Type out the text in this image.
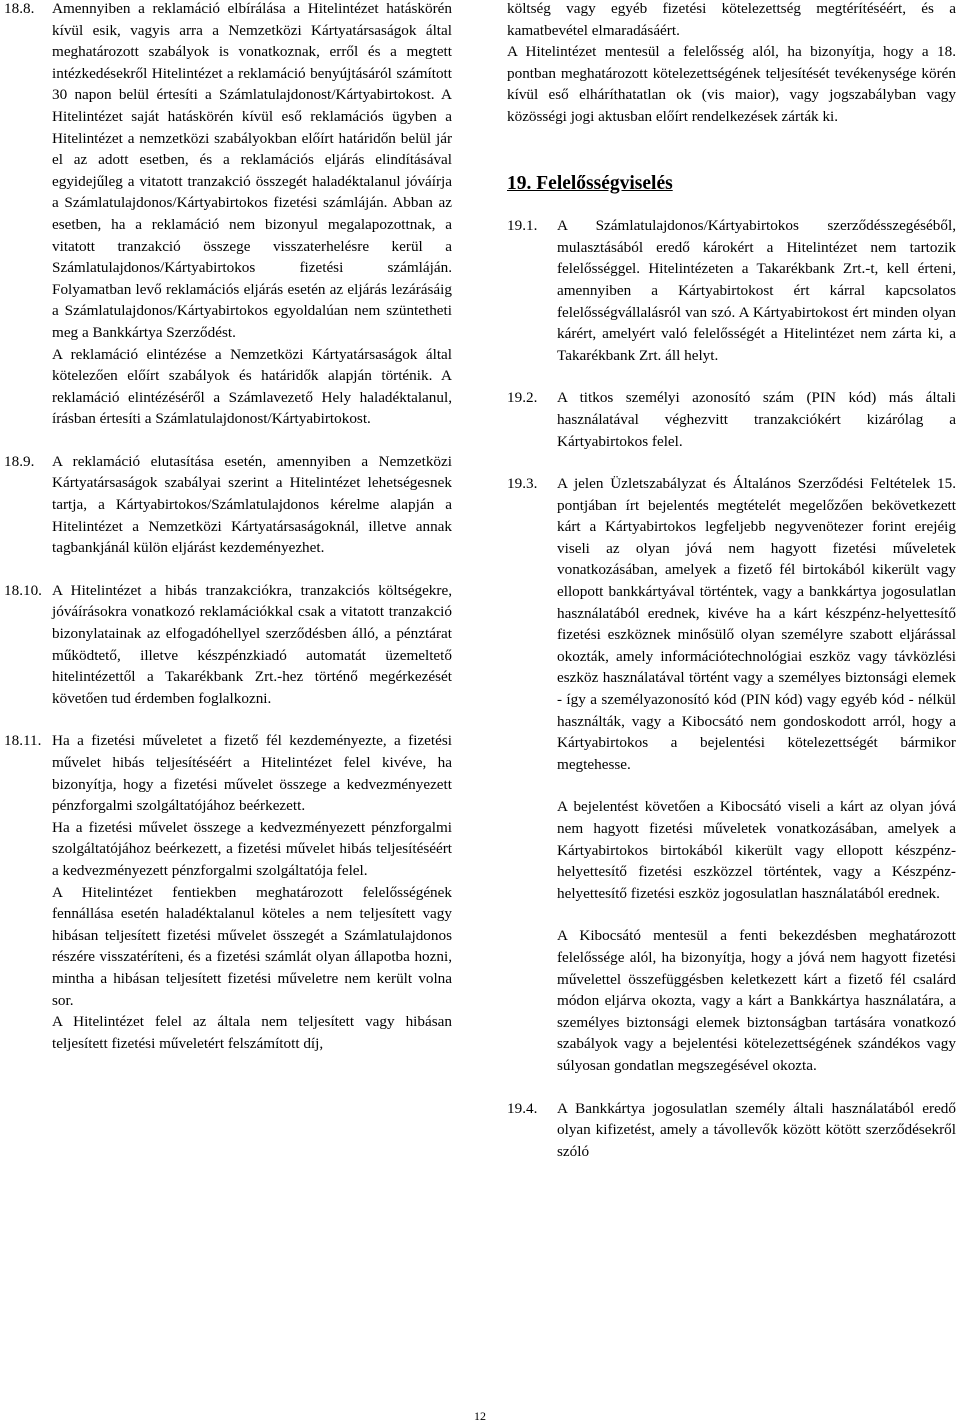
18.8.	Amennyiben a reklamáció elbírálása a Hitelintézet hatáskörén kívül esik, vagyis arra a Nemzetközi Kártyatársaságok által meghatározott szabályok is vonatkoznak, erről és a megtett intézkedésekről Hitelintézet a reklamáció benyújtásáról számított 30 napon belül értesíti a Számlatulajdonost/Kártyabirtokost. A Hitelintézet saját hatáskörén kívül eső reklamációs ügyben a Hitelintézet a nemzetközi szabályokban előírt határidőn belül jár el az adott esetben, és a reklamációs eljárás elindításával egyidejűleg a vitatott tranzakció összegét haladéktalanul jóváírja a Számlatulajdonos/Kártyabirtokos fizetési számláján. Abban az esetben, ha a reklamáció nem bizonyul megalapozottnak, a vitatott tranzakció összege visszaterhelésre kerül a Számlatulajdonos/Kártyabirtokos fizetési számláján. Folyamatban levő reklamációs eljárás esetén az eljárás lezárásáig a Számlatulajdonos/Kártyabirtokos egyoldalúan nem szüntetheti meg a Bankkártya Szerződést.

A reklamáció elintézése a Nemzetközi Kártyatársaságok által kötelezően előírt szabályok és határidők alapján történik. A reklamáció elintézéséről a Számlavezető Hely haladéktalanul, írásban értesíti a Számlatulajdonost/Kártyabirtokost.

18.9.	A reklamáció elutasítása esetén, amennyiben a Nemzetközi Kártyatársaságok szabályai szerint a Hitelintézet lehetségesnek tartja, a Kártyabirtokos/Számlatulajdonos kérelme alapján a Hitelintézet a Nemzetközi Kártyatársaságoknál, illetve annak tagbankjánál külön eljárást kezdeményezhet.

18.10. A Hitelintézet a hibás tranzakciókra, tranzakciós költségekre, jóváírásokra vonatkozó reklamációkkal csak a vitatott tranzakció bizonylatainak az elfogadóhellyel szerződésben álló, a pénztárat működtető, illetve készpénzkiadó automatát üzemeltető hitelintézettől a Takarékbank Zrt.-hez történő megérkezését követően tud érdemben foglalkozni.

18.11. Ha a fizetési műveletet a fizető fél kezdeményezte, a fizetési művelet hibás teljesítéséért a Hitelintézet felel kivéve, ha bizonyítja, hogy a fizetési művelet összege a kedvezményezett pénzforgalmi szolgáltatójához beérkezett.

Ha a fizetési művelet összege a kedvezményezett pénzforgalmi szolgáltatójához beérkezett, a fizetési művelet hibás teljesítéséért a kedvezményezett pénzforgalmi szolgáltatója felel.

A Hitelintézet fentiekben meghatározott felelősségének fennállása esetén haladéktalanul köteles a nem teljesített vagy hibásan teljesített fizetési művelet összegét a Számlatulajdonos részére visszatéríteni, és a fizetési számlát olyan állapotba hozni, mintha a hibásan teljesített fizetési műveletre nem került volna sor.

A Hitelintézet felel az általa nem teljesített vagy hibásan teljesített fizetési műveletért felszámított díj,

költség vagy egyéb fizetési kötelezettség megtérítéséért, és a kamatbevétel elmaradásáért.

A Hitelintézet mentesül a felelősség alól, ha bizonyítja, hogy a 18. pontban meghatározott kötelezettségének teljesítését tevékenysége körén kívül eső elháríthatatlan ok (vis maior), vagy jogszabályban vagy közösségi jogi aktusban előírt rendelkezések zárták ki.

19. Felelősségviselés
19.1.	A Számlatulajdonos/Kártyabirtokos szerződésszegéséből, mulasztásából eredő károkért a Hitelintézet nem tartozik felelősséggel. Hitelintézeten a Takarékbank Zrt.-t, kell érteni, amennyiben a Kártyabirtokost ért kárral kapcsolatos felelősségvállalásról van szó. A Kártyabirtokost ért minden olyan kárért, amelyért való felelősségét a Hitelintézet nem zárta ki, a Takarékbank Zrt. áll helyt.

19.2.	A titkos személyi azonosító szám (PIN kód) más általi használatával véghezvitt tranzakciókért kizárólag a Kártyabirtokos felel.

19.3.	A jelen Üzletszabályzat és Általános Szerződési Feltételek 15. pontjában írt bejelentés megtételét megelőzően bekövetkezett kárt a Kártyabirtokos legfeljebb negyvenötezer forint erejéig viseli az olyan jóvá nem hagyott fizetési műveletek vonatkozásában, amelyek a fizető fél birtokából kikerült vagy ellopott bankkártyával történtek, vagy a bankkártya jogosulatlan használatából erednek, kivéve ha a kárt készpénz-helyettesítő fizetési eszköznek minősülő olyan személyre szabott eljárással okozták, amely információtechnológiai eszköz vagy távközlési eszköz használatával történt vagy a személyes biztonsági elemek - így a személyazonosító kód (PIN kód) vagy egyéb kód - nélkül használták, vagy a Kibocsátó nem gondoskodott arról, hogy a Kártyabirtokos a bejelentési kötelezettségét bármikor megtehesse.

A bejelentést követően a Kibocsátó viseli a kárt az olyan jóvá nem hagyott fizetési műveletek vonatkozásában, amelyek a Kártyabirtokos birtokából kikerült vagy ellopott készpénz-helyettesítő fizetési eszközzel történtek, vagy a Készpénz-helyettesítő fizetési eszköz jogosulatlan használatából erednek.

A Kibocsátó mentesül a fenti bekezdésben meghatározott felelőssége alól, ha bizonyítja, hogy a jóvá nem hagyott fizetési művelettel összefüggésben keletkezett kárt a fizető fél csalárd módon eljárva okozta, vagy a kárt a Bankkártya használatára, a személyes biztonsági elemek biztonságban tartására vonatkozó szabályok vagy a bejelentési kötelezettségének szándékos vagy súlyosan gondatlan megszegésével okozta.

19.4.	A Bankkártya jogosulatlan személy általi használatából eredő olyan kifizetést, amely a távollevők között kötött szerződésekről szóló

12
